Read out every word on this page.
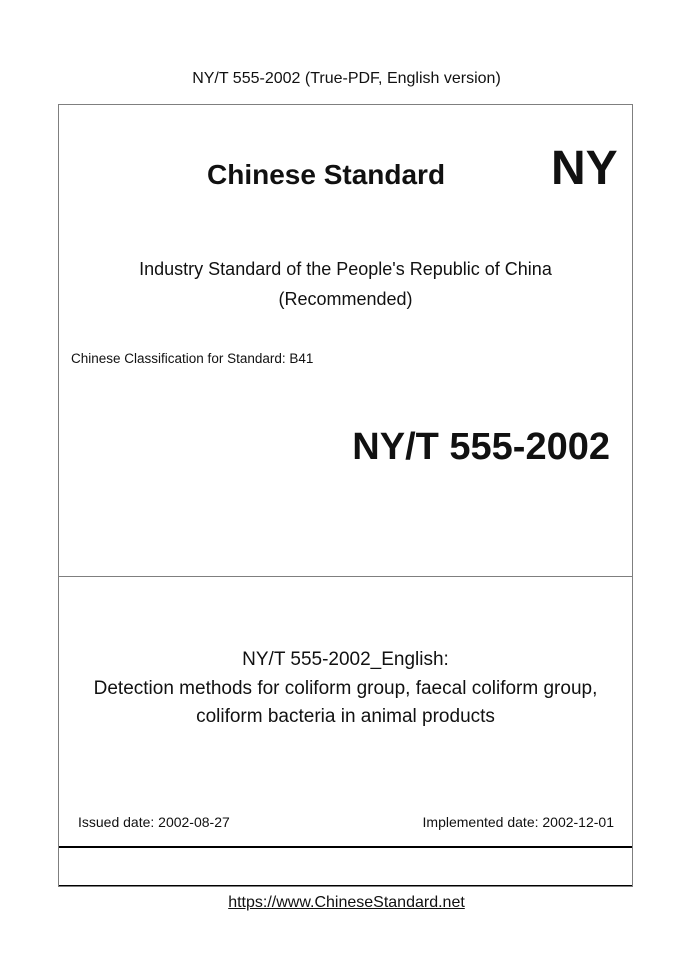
NY/T 555-2002 (True-PDF, English version)
Chinese Standard NY
Industry Standard of the People's Republic of China
(Recommended)
Chinese Classification for Standard: B41
NY/T 555-2002
NY/T 555-2002_English:
Detection methods for coliform group, faecal coliform group,
coliform bacteria in animal products
Issued date: 2002-08-27	Implemented date: 2002-12-01
https://www.ChineseStandard.net
